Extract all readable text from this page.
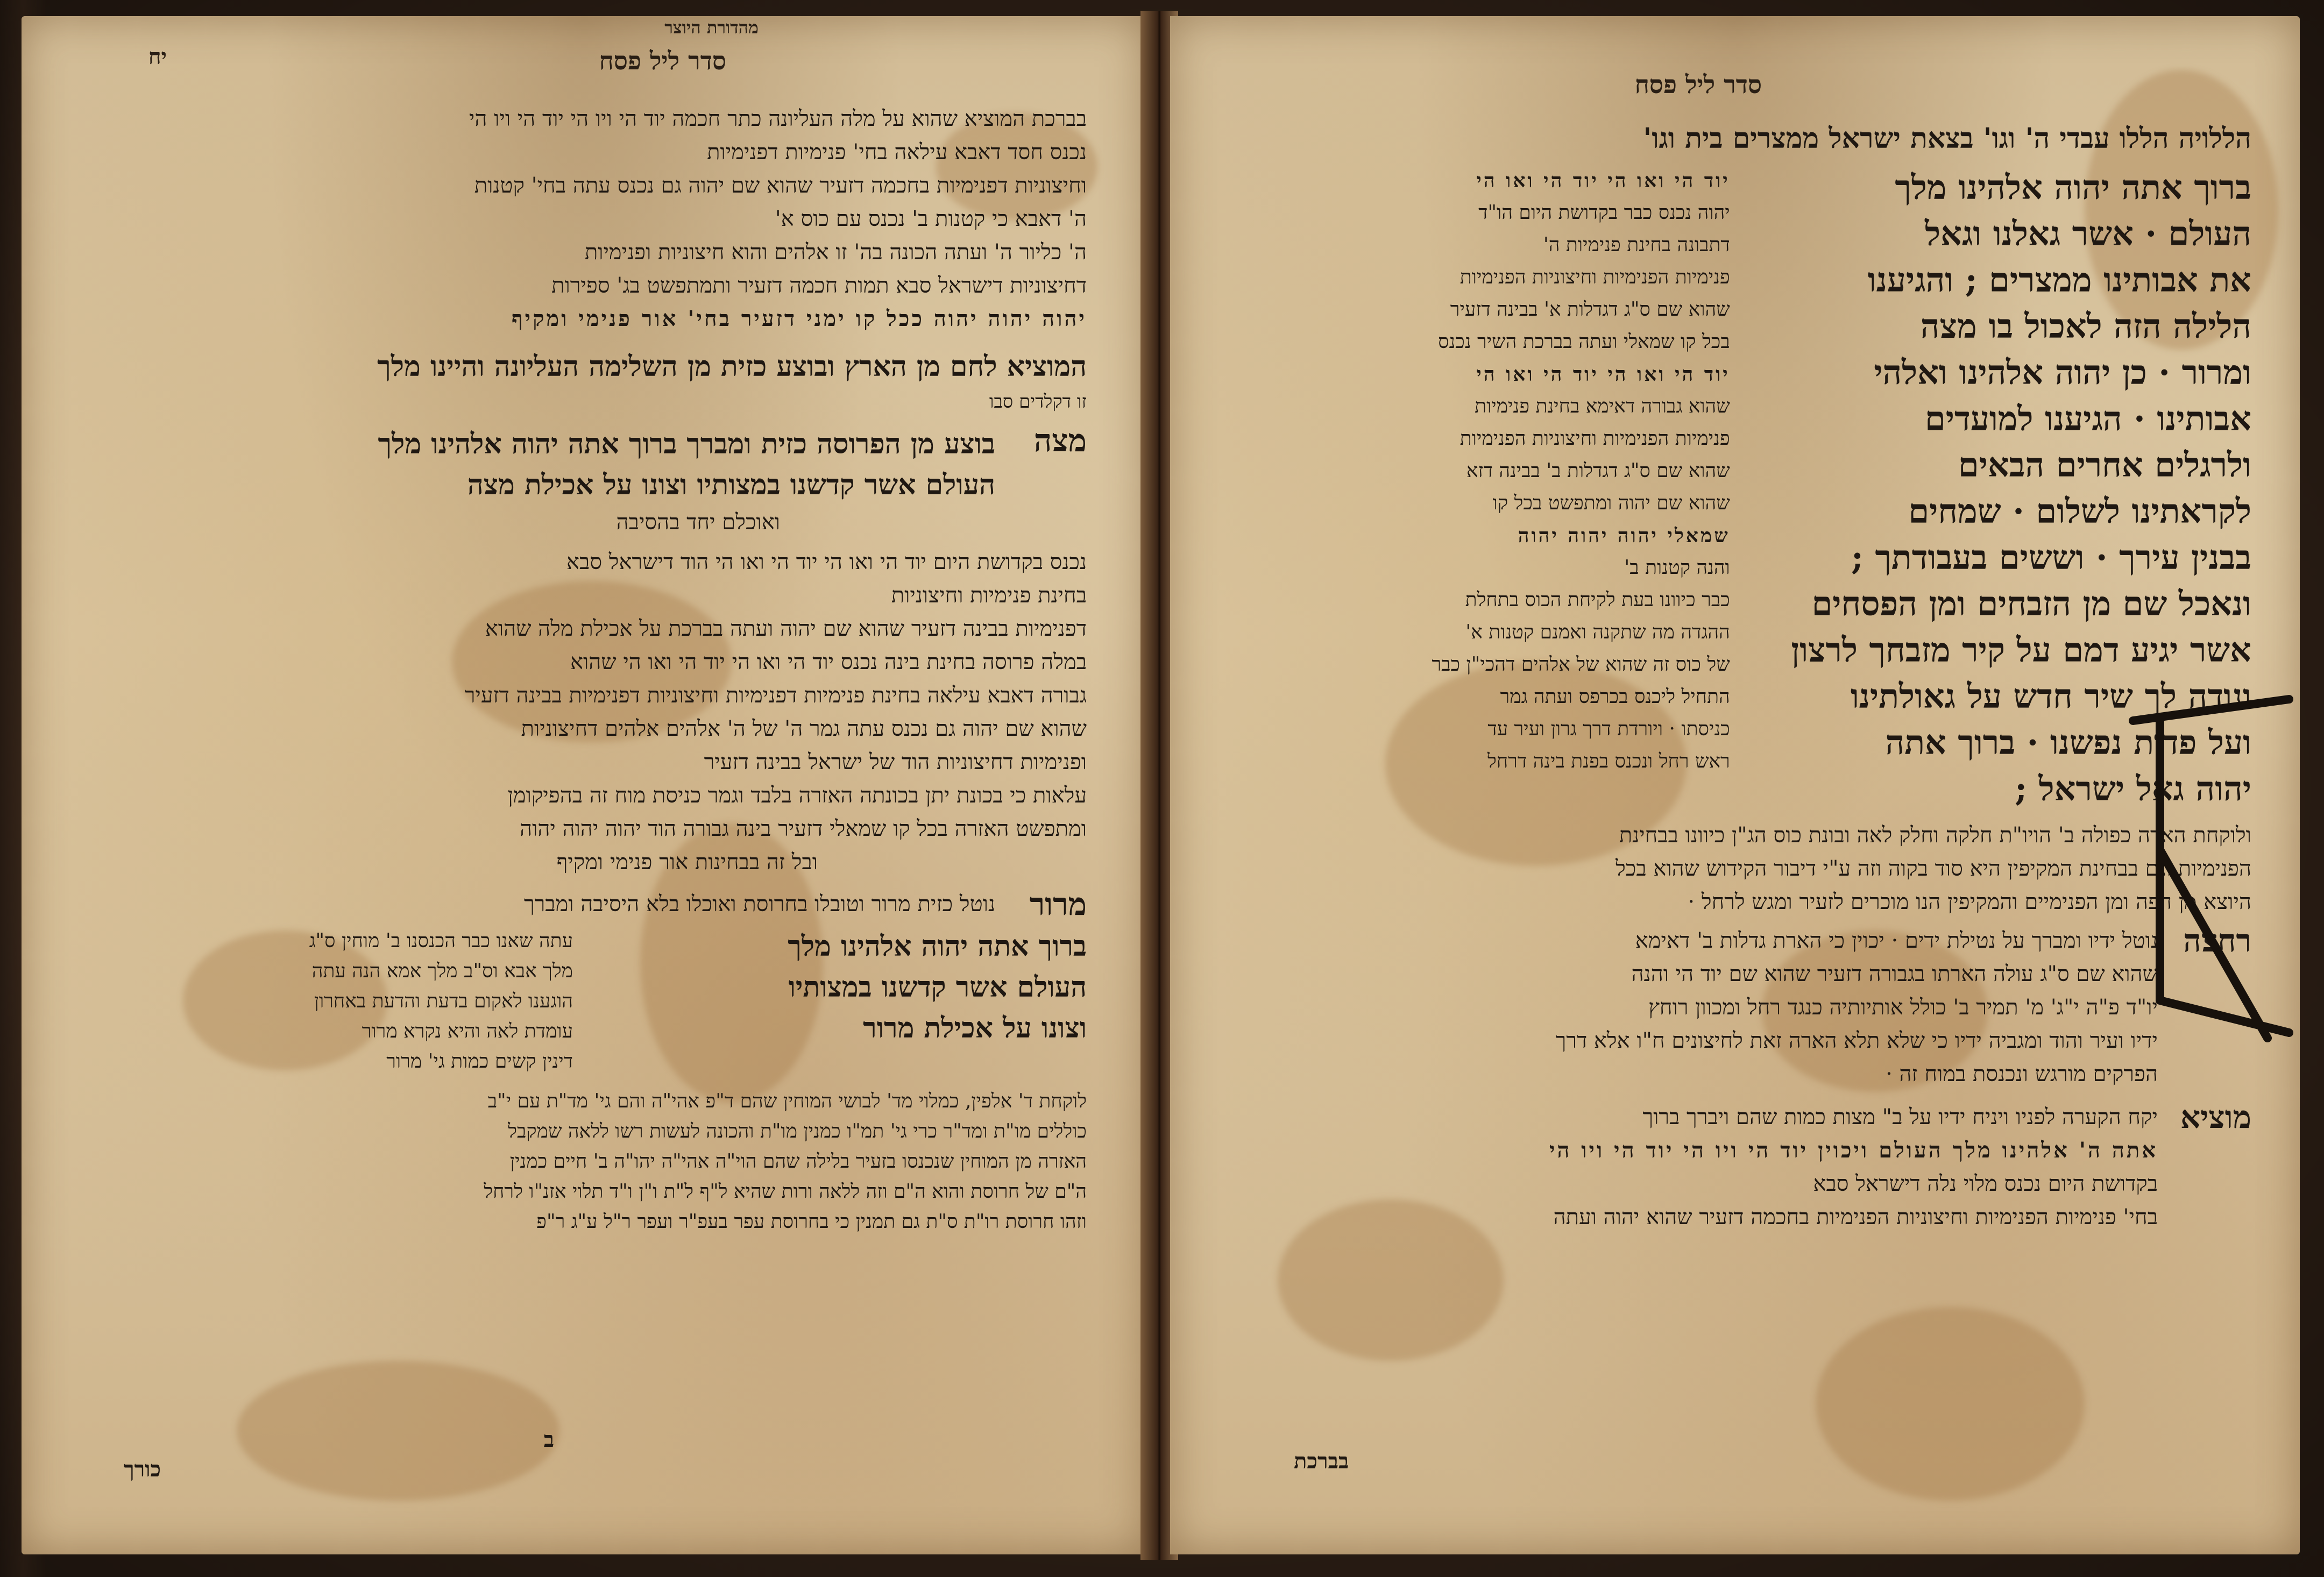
מהדורת היוצר
סדר ליל פסח
יח
בברכת המוציא שהוא על מלה העליונה כתר חכמה יוד הי ויו הי יוד הי ויו הי
נכנס חסד דאבא עילאה בחי' פנימיות דפנימיות
וחיצוניות דפנימיות בחכמה דזעיר שהוא שם יהוה גם נכנס עתה בחי' קטנות
ה' דאבא כי קטנות ב' נכנס עם כוס א'
ה' כליור ה' ועתה הכונה בה' זו אלהים והוא חיצוניות ופנימיות
דחיצוניות דישראל סבא תמות חכמה דזעיר ותמתפשט בג' ספירות
יהוה יהוה יהוה ככל קו ימני דזעיר בחי' אור פנימי ומקיף
המוציא לחם מן הארץ ובוצע כזית מן השלימה העליונה והיינו מלך
זו דקלדים סבו
מצה
בוצע מן הפרוסה כזית ומברך ברוך אתה יהוה אלהינו מלך
העולם אשר קדשנו במצותיו וצונו על אכילת מצה
ואוכלם יחד בהסיבה
נכנס בקדושת היום יוד הי ואו הי יוד הי ואו הי הוד דישראל סבא
בחינת פנימיות וחיצוניות
דפנימיות בבינה דזעיר שהוא שם יהוה ועתה בברכת על אכילת מלה שהוא
במלה פרוסה בחינת בינה נכנס יוד הי ואו הי יוד הי ואו הי שהוא
גבורה דאבא עילאה בחינת פנימיות דפנימיות וחיצוניות דפנימיות בבינה דזעיר
שהוא שם יהוה גם נכנס עתה גמר ה' של ה' אלהים אלהים דחיצוניות
ופנימיות דחיצוניות הוד של ישראל בבינה דזעיר
עלאות כי בכונת יתן בכונתה האזרה בלבד וגמר כניסת מוח זה בהפיקומן
ומתפשט האזרה בכל קו שמאלי דזעיר בינה גבורה הוד יהוה יהוה יהוה
ובל זה בבחינות אור פנימי ומקיף
מרור
נוטל כזית מרור וטובלו בחרוסת ואוכלו בלא היסיבה ומברך
ברוך אתה יהוה אלהינו מלך
העולם אשר קדשנו במצותיו
וצונו על אכילת מרור
עתה שאנו כבר הכנסנו ב' מוחין ס"ג
מלך אבא וס"ב מלך אמא הנה עתה
הוגענו לאקום בדעת והדעת באחרון
עומדת לאה והיא נקרא מרור
דינין קשים כמות גי' מרור
לוקחת ד' אלפין, כמלוי מד' לבושי המוחין שהם ד"פ אהי"ה והם גי' מד"ת עם י"ב
כוללים מו"ת ומד"ר כרי גי' תמ"ו כמנין מו"ת והכונה לעשות רשו ללאה שמקבל
האזרה מן המוחין שנכנסו בזעיר בלילה שהם הוי"ה אהי"ה יהו"ה ב' חיים כמנין
ה"ם של חרוסת והוא ה"ם וזה ללאה ורות שהיא ל"ף ל"ת ו"ן ו"ד תלוי אזנ"ו לרחל
וזהו חרוסת רו"ת ס"ת גם תמנין כי בחרוסת עפר בעפ"ר ועפר ר"ל ע"ג ר"פ
ב
כורך
סדר ליל פסח
הללויה הללו עבדי ה' וגו' בצאת ישראל ממצרים בית וגו'
ברוך אתה יהוה אלהינו מלך
העולם · אשר גאלנו וגאל
את אבותינו ממצרים ; והגיענו
הלילה הזה לאכול בו מצה
ומרור · כן יהוה אלהינו ואלהי
אבותינו · הגיענו למועדים
ולרגלים אחרים הבאים
לקראתינו לשלום · שמחים
בבנין עירך · וששים בעבודתך ;
ונאכל שם מן הזבחים ומן הפסחים
אשר יגיע דמם על קיר מזבחך לרצון
ונודה לך שיר חדש על גאולתינו
ועל פדות נפשנו · ברוך אתה
יהוה גאל ישראל ;
יוד הי ואו הי יוד הי ואו הי
יהוה נכנס כבר בקדושת היום הו"ד
דתבונה בחינת פנימיות ה'
פנימיות הפנימיות וחיצוניות הפנימיות
שהוא שם ס"ג דגדלות א' בבינה דזעיר
בכל קו שמאלי ועתה בברכת השיר נכנס
יוד הי ואו הי יוד הי ואו הי
שהוא גבורה דאימא בחינת פנימיות
פנימיות הפנימיות וחיצוניות הפנימיות
שהוא שם ס"ג דגדלות ב' בבינה דזא
שהוא שם יהוה ומתפשט בכל קו
שמאלי יהוה יהוה יהוה
והנה קטנות ב'
כבר כיוונו בעת לקיחת הכוס בתחלת
ההגדה מה שתקנה ואמנם קטנות א'
של כוס זה שהוא של אלהים דהכי"ן כבר
התחיל ליכנס בכרפס ועתה גמר
כניסתו · ויורדת דרך גרון ועיר עד
ראש רחל ונכנס בפנת בינה דרחל
ולוקחת הארה כפולה ב' הויו"ת חלקה וחלק לאה ובונת כוס הג"ן כיוונו בבחינת
הפנימיות וגם בבחינת המקיפין היא סוד בקוה וזה ע"י דיבור הקידוש שהוא בכל
היוצא מן הפה ומן הפנימיים והמקיפין הנו מוכרים לזעיר ומגש לרחל ·
רחצה
נוטל ידיו ומברך על נטילת ידים · יכוין כי הארת גדלות ב' דאימא
שהוא שם ס"ג עולה הארתו בגבורה דזעיר שהוא שם יוד הי והנה
יו"ד פ"ה י"ג' מ' תמיר ב' כולל אותיותיה כנגד רחל ומכוון רוחץ
ידיו ועיר והוד ומגביה ידיו כי שלא תלא הארה זאת לחיצונים ח"ו אלא דרך
הפרקים מורגש ונכנסת במוח זה ·
מוציא
יקח הקערה לפניו ויניח ידיו על ב" מצות כמות שהם ויברך ברוך
אתה ה' אלהינו מלך העולם ויכוין יוד הי ויו הי יוד הי ויו הי
בקדושת היום נכנס מלוי נלה דישראל סבא
בחי' פנימיות הפנימיות וחיצוניות הפנימיות בחכמה דזעיר שהוא יהוה ועתה
בברכת
